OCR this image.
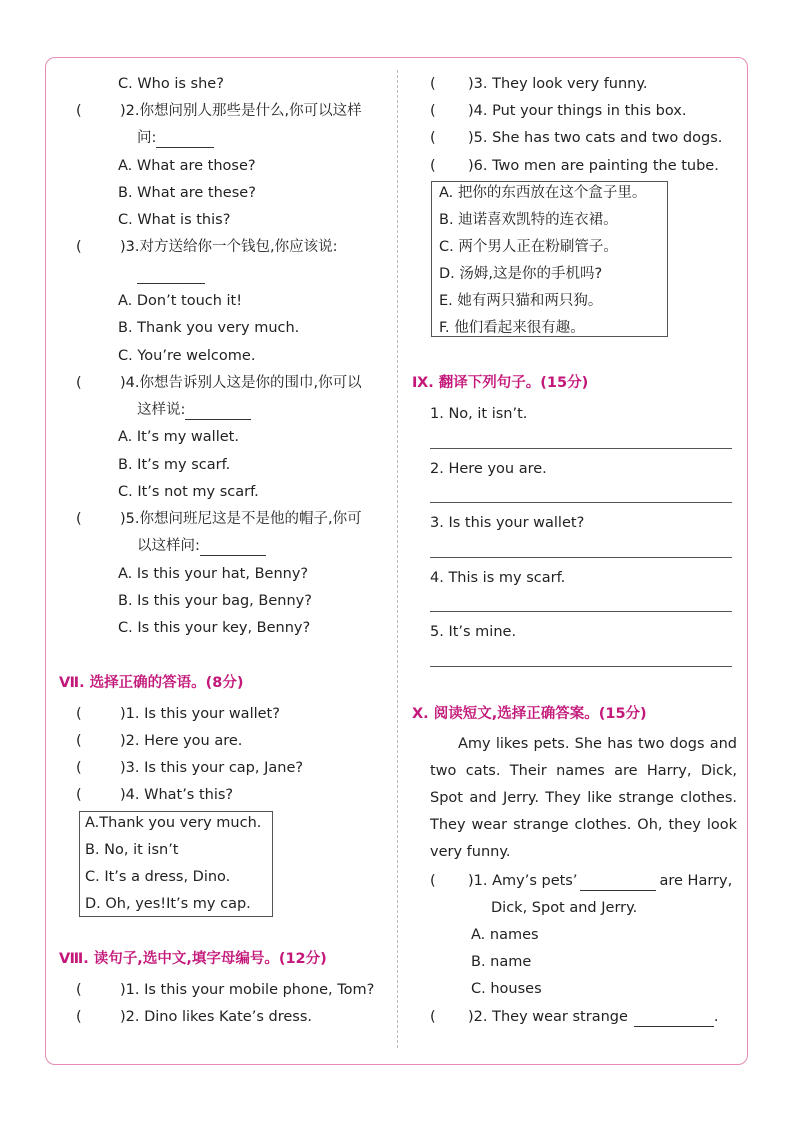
C. Who is she?
(	)2.你想问别人那些是什么,你可以这样
问:
A. What are those?
B. What are these?
C. What is this?
(	)3.对方送给你一个钱包,你应该说:
A. Don’t touch it!
B. Thank you very much.
C. You’re welcome.
(	)4.你想告诉别人这是你的围巾,你可以
这样说:
A. It’s my wallet.
B. It’s my scarf.
C. It’s not my scarf.
(	)5.你想问班尼这是不是他的帽子,你可
以这样问:
A. Is this your hat, Benny?
B. Is this your bag, Benny?
C. Is this your key, Benny?
Ⅶ. 选择正确的答语。(8分)
(	)1. Is this your wallet?
(	)2. Here you are.
(	)3. Is this your cap, Jane?
(	)4. What’s this?
A.Thank you very much.
B. No, it isn’t
C. It’s a dress, Dino.
D. Oh, yes!It’s my cap.
Ⅷ. 读句子,选中文,填字母编号。(12分)
(	)1. Is this your mobile phone, Tom?
(	)2. Dino likes Kate’s dress.
( )3. They look very funny.
( )4. Put your things in this box.
( )5. She has two cats and two dogs.
( )6. Two men are painting the tube.
A. 把你的东西放在这个盒子里。
B. 迪诺喜欢凯特的连衣裙。
C. 两个男人正在粉刷管子。
D. 汤姆,这是你的手机吗?
E. 她有两只猫和两只狗。
F. 他们看起来很有趣。
Ⅸ. 翻译下列句子。(15分)
1. No, it isn’t.
2. Here you are.
3. Is this your wallet?
4. This is my scarf.
5. It’s mine.
Ⅹ. 阅读短文,选择正确答案。(15分)
Amy likes pets. She has two dogs and two cats. Their names are Harry, Dick, Spot and Jerry. They like strange clothes. They wear strange clothes. Oh, they look very funny.
( )1. Amy’s pets’	are Harry,
Dick, Spot and Jerry.
A. names
B. name
C. houses
( )2. They wear strange	.
